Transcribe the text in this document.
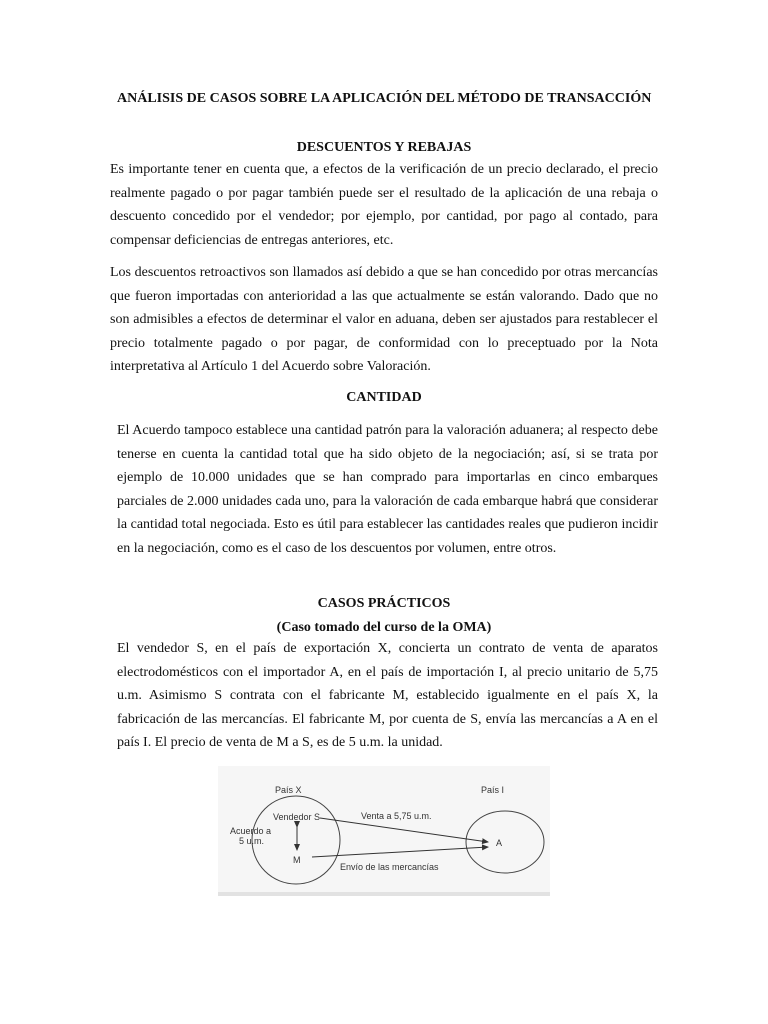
ANÁLISIS DE CASOS SOBRE LA APLICACIÓN DEL MÉTODO DE TRANSACCIÓN
DESCUENTOS Y REBAJAS

Es importante tener en cuenta que, a efectos de la verificación de un precio declarado, el precio realmente pagado o por pagar también puede ser el resultado de la aplicación de una rebaja o descuento concedido por el vendedor; por ejemplo, por cantidad, por pago al contado, para compensar deficiencias de entregas anteriores, etc.

Los descuentos retroactivos son llamados así debido a que se han concedido por otras mercancías que fueron importadas con anterioridad a las que actualmente se están valorando. Dado que no son admisibles a efectos de determinar el valor en aduana, deben ser ajustados para restablecer el precio totalmente pagado o por pagar, de conformidad con lo preceptuado por la Nota interpretativa al Artículo 1 del Acuerdo sobre Valoración.

CANTIDAD

El Acuerdo tampoco establece una cantidad patrón para la valoración aduanera; al respecto debe tenerse en cuenta la cantidad total que ha sido objeto de la negociación; así, si se trata por ejemplo de 10.000 unidades que se han comprado para importarlas en cinco embarques parciales de 2.000 unidades cada uno, para la valoración de cada embarque habrá que considerar la cantidad total negociada. Esto es útil para establecer las cantidades reales que pudieron incidir en la negociación, como es el caso de los descuentos por volumen, entre otros.

CASOS PRÁCTICOS
(Caso tomado del curso de la OMA)

El vendedor S, en el país de exportación X, concierta un contrato de venta de aparatos electrodomésticos con el importador A, en el país de importación I, al precio unitario de 5,75 u.m. Asimismo S contrata con el fabricante M, establecido igualmente en el país X, la fabricación de las mercancías. El fabricante M, por cuenta de S, envía las mercancías a A en el país I. El precio de venta de M a S, es de 5 u.m. la unidad.

País X	País I
Vendedor S
M
Acuerdo a
5 u.m.
Venta a 5,75 u.m.
A
Envío de las mercancías
